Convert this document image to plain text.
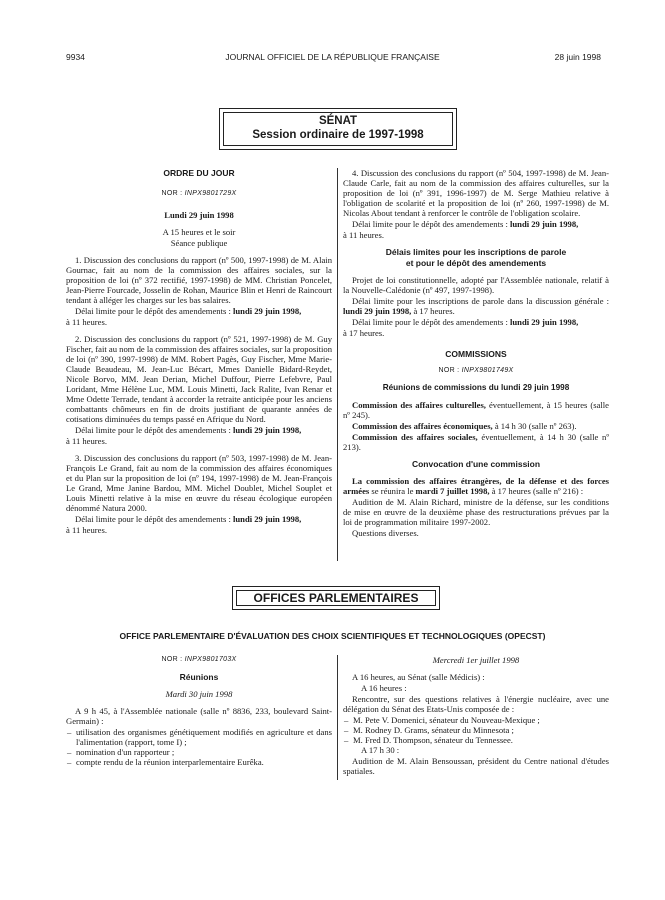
9934	JOURNAL OFFICIEL DE LA RÉPUBLIQUE FRANÇAISE	28 juin 1998
SÉNAT
Session ordinaire de 1997-1998

ORDRE DU JOUR

NOR : INPX9801729X

Lundi 29 juin 1998

A 15 heures et le soir

Séance publique

1. Discussion des conclusions du rapport (nº 500, 1997-1998) de M. Alain Gournac, fait au nom de la commission des affaires sociales, sur la proposition de loi (nº 372 rectifié, 1997-1998) de MM. Christian Poncelet, Jean-Pierre Fourcade, Josselin de Rohan, Maurice Blin et Henri de Raincourt tendant à alléger les charges sur les bas salaires.

Délai limite pour le dépôt des amendements : lundi 29 juin 1998,

à 11 heures.

2. Discussion des conclusions du rapport (nº 521, 1997-1998) de M. Guy Fischer, fait au nom de la commission des affaires sociales, sur la proposition de loi (nº 390, 1997-1998) de MM. Robert Pagès, Guy Fischer, Mme Marie-Claude Beaudeau, M. Jean-Luc Bécart, Mmes Danielle Bidard-Reydet, Nicole Borvo, MM. Jean Derian, Michel Duffour, Pierre Lefebvre, Paul Loridant, Mme Hélène Luc, MM. Louis Minetti, Jack Ralite, Ivan Renar et Mme Odette Terrade, tendant à accorder la retraite anticipée pour les anciens combattants chômeurs en fin de droits justifiant de quarante années de cotisations diminuées du temps passé en Afrique du Nord.

Délai limite pour le dépôt des amendements : lundi 29 juin 1998,

à 11 heures.

3. Discussion des conclusions du rapport (nº 503, 1997-1998) de M. Jean-François Le Grand, fait au nom de la commission des affaires économiques et du Plan sur la proposition de loi (nº 194, 1997-1998) de M. Jean-François Le Grand, Mme Janine Bardou, MM. Michel Doublet, Michel Souplet et Louis Minetti relative à la mise en œuvre du réseau écologique européen dénommé Natura 2000.

Délai limite pour le dépôt des amendements : lundi 29 juin 1998,

à 11 heures.

4. Discussion des conclusions du rapport (nº 504, 1997-1998) de M. Jean-Claude Carle, fait au nom de la commission des affaires culturelles, sur la proposition de loi (nº 391, 1996-1997) de M. Serge Mathieu relative à l'obligation de scolarité et la proposition de loi (nº 260, 1997-1998) de M. Nicolas About tendant à renforcer le contrôle de l'obligation scolaire.

Délai limite pour le dépôt des amendements : lundi 29 juin 1998,

à 11 heures.

Délais limites pour les inscriptions de parole

et pour le dépôt des amendements

Projet de loi constitutionnelle, adopté par l'Assemblée nationale, relatif à la Nouvelle-Calédonie (nº 497, 1997-1998).

Délai limite pour les inscriptions de parole dans la discussion générale : lundi 29 juin 1998, à 17 heures.

Délai limite pour le dépôt des amendements : lundi 29 juin 1998,

à 17 heures.

COMMISSIONS

NOR : INPX9801749X

Réunions de commissions du lundi 29 juin 1998

Commission des affaires culturelles, éventuellement, à 15 heures (salle nº 245).

Commission des affaires économiques, à 14 h 30 (salle nº 263).

Commission des affaires sociales, éventuellement, à 14 h 30 (salle nº 213).

Convocation d'une commission

La commission des affaires étrangères, de la défense et des forces armées se réunira le mardi 7 juillet 1998, à 17 heures (salle nº 216) :

Audition de M. Alain Richard, ministre de la défense, sur les conditions de mise en œuvre de la deuxième phase des restructurations prévues par la loi de programmation militaire 1997-2002.

Questions diverses.

OFFICES PARLEMENTAIRES
OFFICE PARLEMENTAIRE D'ÉVALUATION DES CHOIX SCIENTIFIQUES ET TECHNOLOGIQUES (OPECST)

NOR : INPX9801703X

Réunions

Mardi 30 juin 1998

A 9 h 45, à l'Assemblée nationale (salle nº 8836, 233, boulevard Saint-Germain) :

– utilisation des organismes génétiquement modifiés en agriculture et dans l'alimentation (rapport, tome I) ;
– nomination d'un rapporteur ;
– compte rendu de la réunion interparlementaire Eurêka.

Mercredi 1er juillet 1998

A 16 heures, au Sénat (salle Médicis) :

A 16 heures :

Rencontre, sur des questions relatives à l'énergie nucléaire, avec une délégation du Sénat des Etats-Unis composée de :

– M. Pete V. Domenici, sénateur du Nouveau-Mexique ;
– M. Rodney D. Grams, sénateur du Minnesota ;
– M. Fred D. Thompson, sénateur du Tennessee.

A 17 h 30 :

Audition de M. Alain Bensoussan, président du Centre national d'études spatiales.
